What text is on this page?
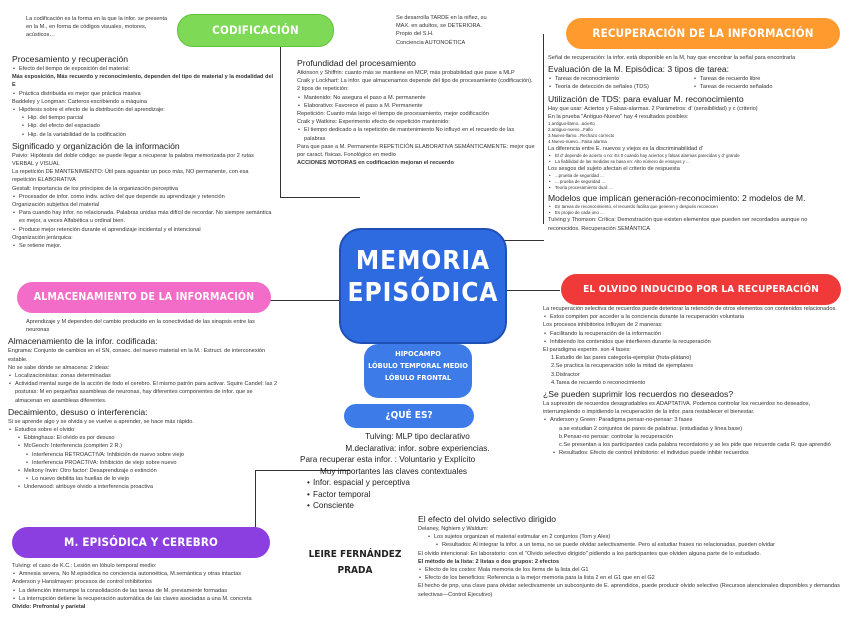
MEMORIA
EPISÓDICA
HIPOCAMPO
LÓBULO TEMPORAL MEDIO
LÓBULO FRONTAL
¿QUÉ ES?
CODIFICACIÓN	RECUPERACIÓN DE LA INFORMACIÓN
ALMACENAMIENTO DE LA INFORMACIÓN
EL OLVIDO INDUCIDO POR LA RECUPERACIÓN
M. EPISÓDICA Y CEREBRO
La codificación es la forma en la que la infor. se presenta en la M., en forma de códigos visuales, motores, acústicos…
Procesamiento y recuperación
• Efecto del tiempo de exposición del material:
Más exposición, Más recuerdo y reconocimiento, dependen del tipo de material y la modalidad del E
• Práctica distribuida es mejor que práctica masiva
Baddeley y Longman: Carteros escribiendo a máquina
• Hipótesis sobre el efecto de la distribución del aprendizaje:
• Hip. del tiempo parcial
• Hip. del efecto del espaciado
• Hip. de la variabilidad de la codificación
Significado y organización de la información
Paivio: Hipótesis del doble código: se puede llegar a recuperar la palabra memorizada por 2 rutas VERBAL y VISUAL
La repetición DE MANTENIMIENTO: Útil para aguantar un poco más, NO permanente, con esa repetición ELABORATIVA
Gestalt: Importancia de los principios de la organización perceptiva
• Procesador de infor. como indiv. activo del que depende su aprendizaje y retención
Organización subjetiva del material
• Para cuando hay infor. no relacionada. Palabras unidas más difícil de recordar. No siempre semántica es mejor, a veces Alfabética u ordinal bien.
• Produce mejor retención durante el aprendizaje incidental y el intencional
Organización jerárquica:
• Se retiene mejor.
Se desarrolla TARDE en la niñez, su
MAX. en adultos, se DETERIORA.
Propio del S.H.
Conciencia AUTONOÉTICA
Profundidad del procesamiento
Atkinson y Shiffrin: cuanto más se mantiene en MCP, más probabilidad que pase a MLP
Craik y Lockhart: La infor. que almacenamos depende del tipo de procesamiento (codificación). 2 tipos de repetición:
• Mantenido: No asegura el paso a M. permanente
• Elaborativo: Favorece el paso a M. Permanente
Repetición: Cuanto más largo el tiempo de procesamiento, mejor codificación
Craik y Watkins: Experimento efecto de repetición mantenido:
• El tiempo dedicado a la repetición de mantenimiento No influyó en el recuerdo de las palabras
Para que pase a M. Permanente REPETICIÓN ELABORATIVA SEMÁNTICAMENTE: mejor que por caract. físicas. Fonológico en medio
ACCIONES MOTORAS en codificación mejoran el recuerdo
Señal de recuperación: la infor. está disponible en la M, hay que encontrar la señal para encontrarla
Evaluación de la M. Episódica: 3 tipos de tarea:
• Tareas de reconocimiento
• Teoría de detección de señales (TDS)
• Tareas de recuerdo libre
• Tareas de recuerdo señalado
Utilización de TDS: para evaluar M. reconocimiento
Hay que usar: Aciertos y Falsas-alarmas. 2 Parámetros: d' (sensibilidad) y c (criterio)
En la prueba "Antiguo-Nuevo" hay 4 resultados posibles:
1.antiguo-llamo...acierto
2.antiguo-nuevo...Fallo
3.Nuevo-llamo...Rechazo correcto
4.Nuevo-nuevo...Falsa alarma
La diferencia entre E. nuevos y viejos es la discriminabilidad d'
• El d' depende de acierto o no: Es 0 cuando hay aciertos y falsas alarmas parecidas y d' grande
• La fiabilidad de las medidas se basa en: Alto número de ensayos y ...
Los sesgos del sujeto afectan el criterio de respuesta
• ...prueba de seguridad ...
• ... prueba de seguridad ...
• Teoría procesamiento dual: ...
Modelos que implican generación-reconocimiento: 2 modelos de M.
• En tareas de reconocimiento, el recuerdo facilita que generen y después reconocen
• Es propio de cada uno ...
Tulving y Thomson: Crítica: Demostración que existen elementos que pueden ser recordados aunque no reconocidos. Recuperación SEMÁNTICA
Aprendizaje y M dependen del cambio producido en la conectividad de las sinapsis entre las neuronas
Almacenamiento de la infor. codificada:
Engrama: Conjunto de cambios en el SN, consec. del nuevo material en la M.: Estruct. de interconexión estable.
No se sabe dónde se almacena: 2 ideas:
• Localizacionistas: zonas determinadas
• Actividad mental surge de la acción de todo el cerebro. El mismo patrón para activar. Squire Candel: las 2 posturas: M en pequeñas asambleas de neuronas, hay diferentes componentes de infor. que se almacenan en asambleas diferentes.
Decaimiento, desuso o interferencia:
Si se aprende algo y se olvida y se vuelve a aprender, se hace más rápido.
• Estudios sobre el olvido:
• Ebbinghaus: El olvido es por desuso
• McGeoch: Interferencia (compiten 2 R.)
• Interferencia RETROACTIVA: Inhibición de nuevo sobre viejo
• Interferencia PROACTIVA: Inhibición de viejo sobre nuevo
• Meltony Irwin: Otro factor: Desaprendizaje o extinción
• Lo nuevo debilita las huellas de lo viejo
• Underwood: atribuye olvido a interferencia proactiva
La recuperación selectiva de recuerdos puede deteriorar la retención de otros elementos con contenidos relacionados.
• Estos compiten por acceder a la conciencia durante la recuperación voluntaria
Los procesos inhibitorios influyen de 2 maneras:
• Facilitando la recuperación de la información
• Inhibiendo los contenidos que interfieren durante la recuperación
El paradigma experim. son 4 fases:
1.Estudio de las pares categoría-ejemplar (fruta-plátano)
2.Se practica la recuperación sólo la mitad de ejemplares
3.Distractor
4.Tarea de recuerdo o reconocimiento
¿Se pueden suprimir los recuerdos no deseados?
La supresión de recuerdos desagradables es ADAPTATIVA. Podemos controlar los recuerdos no deseados, interrumpiendo o impidiendo la recuperación de la infor. para restablecer el bienestar.
• Anderson y Green: Paradigma pensar-no-pensar: 3 fases
a.se estudian 2 conjuntos de pares de palabras. (estudiadas y línea base)
b.Pensar-no pensar: controlar la recuperación
c.Se presentan a los participantes cada palabra recordatorio y se les pide que recuerde cada R. que aprendió
• Resultados: Efecto de control inhibitorio: el individuo puede inhibir recuerdos
Tulving: MLP tipo declarativo
M.declarativa: infor. sobre experiencias.
Para recuperar esta infor. : Voluntario y Explícito
Muy importantes las claves contextuales
• Infor. espacial y perceptiva
• Factor temporal
• Consciente
LEIRE FERNÁNDEZ
PRADA
El efecto del olvido selectivo dirigido
Delaney, Nghiem y Waldum:
• Los sujetos organizan el material estimular en 2 conjuntos (Tom y Alex)
• Resultados: Al integrar la infor. a un tema, no se puede olvidar selectivamente. Pero al estudiar frases no relacionadas, pueden olvidar
El olvido intencional: En laboratorio: con el "Olvido selectivo dirigido" pidiendo a los participantes que olviden alguna parte de lo estudiado.
El método de la lista: 2 listas o dos grupos: 2 efectos
• Efecto de los costes: Mala memoria de los ítems de la lista del G1
• Efecto de los beneficios: Referencia a la mejor memoria para la lista 2 en el G1 que en el G2
El hecho de pnp, una clave para olvidar selectivamente un subconjunto de E. aprendidos, puede producir olvido selectivo (Recursos atencionales disponibles y demandas selectivas—Control Ejecutivo)
Tulving: el caso de K.C.: Lesión en lóbulo temporal medio:
• Amnesia severa, No M.episódica no conciencia autonoética, M.semántica y otras intactas
Anderson y Hanslmayer: procesos de control inhibitorios
• La detención interrumpe la consolidación de las tareas de M. previamente formadas
• La interrupción detiene la recuperación automática de las claves asociadas a una M. concreta
Olvido: Prefrontal y parietal
